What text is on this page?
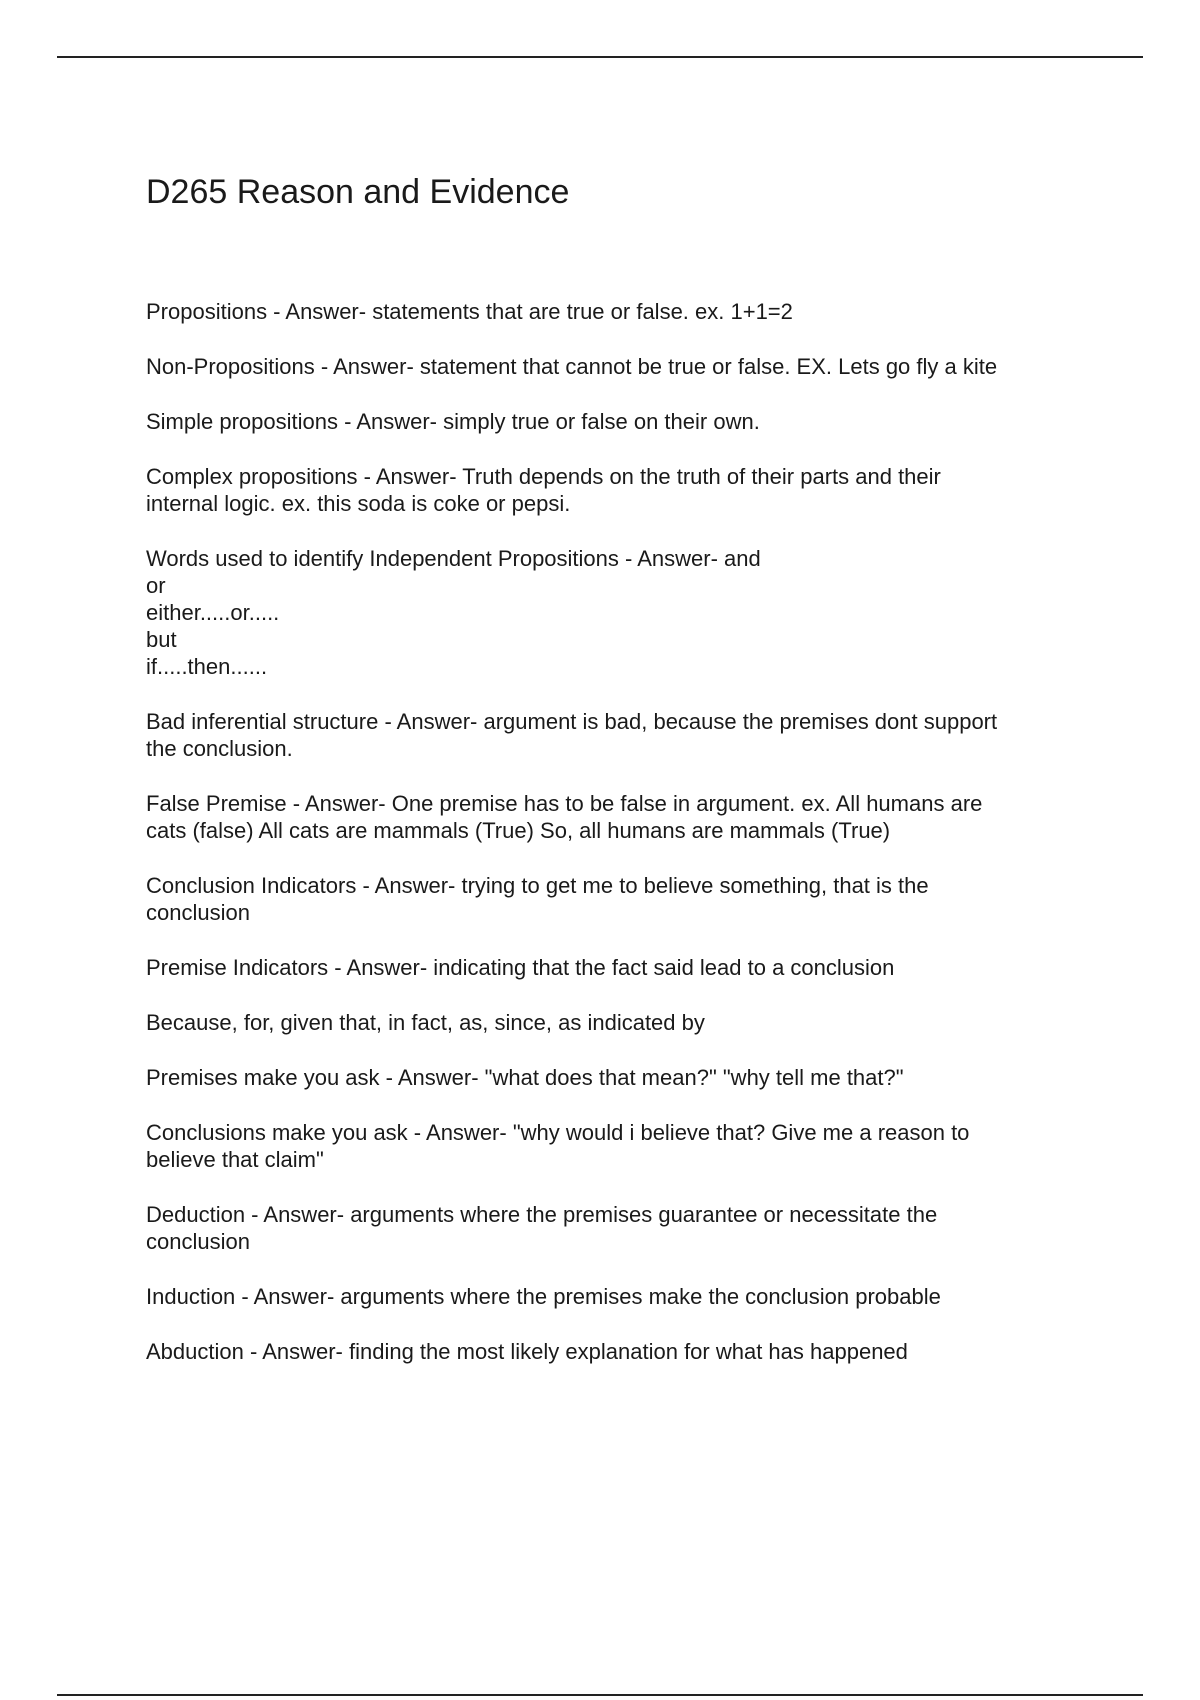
D265 Reason and Evidence
Propositions - Answer- statements that are true or false. ex. 1+1=2
Non-Propositions - Answer- statement that cannot be true or false. EX. Lets go fly a kite
Simple propositions - Answer- simply true or false on their own.
Complex propositions - Answer- Truth depends on the truth of their parts and their
internal logic. ex. this soda is coke or pepsi.
Words used to identify Independent Propositions - Answer- and
or
either.....or.....
but
if.....then......
Bad inferential structure - Answer- argument is bad, because the premises dont support
the conclusion.
False Premise - Answer- One premise has to be false in argument. ex. All humans are
cats (false) All cats are mammals (True) So, all humans are mammals (True)
Conclusion Indicators - Answer- trying to get me to believe something, that is the
conclusion
Premise Indicators - Answer- indicating that the fact said lead to a conclusion
Because, for, given that, in fact, as, since, as indicated by
Premises make you ask - Answer- "what does that mean?" "why tell me that?"
Conclusions make you ask - Answer- "why would i believe that? Give me a reason to
believe that claim"
Deduction - Answer- arguments where the premises guarantee or necessitate the
conclusion
Induction - Answer- arguments where the premises make the conclusion probable
Abduction - Answer- finding the most likely explanation for what has happened
